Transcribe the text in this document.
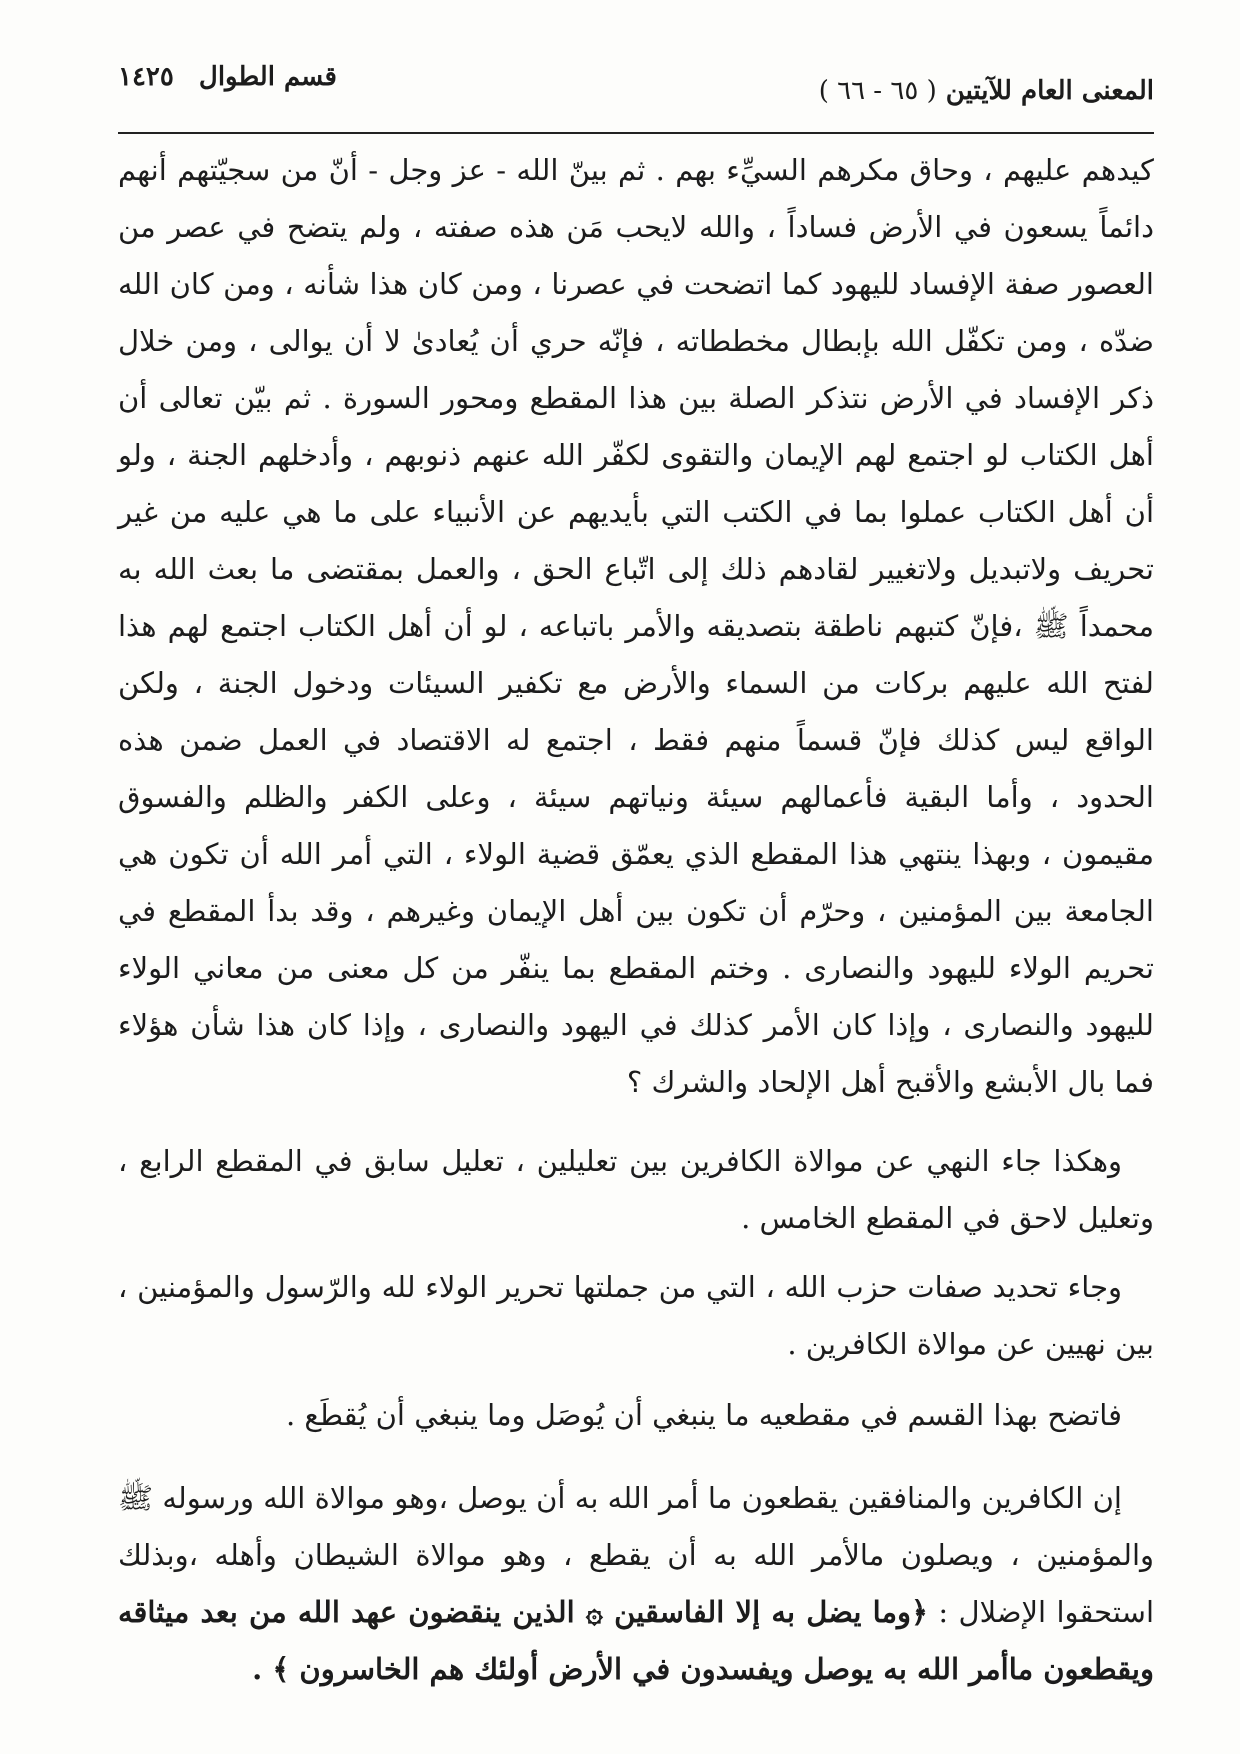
المعنى العام للآيتين ( ٦٥ - ٦٦ )
قسم الطوال ١٤٢٥

كيدهم عليهم ، وحاق مكرهم السيِّء بهم . ثم بينّ الله - عز وجل - أنّ من سجيّتهم أنهم دائماً يسعون في الأرض فساداً ، والله لايحب مَن هذه صفته ، ولم يتضح في عصر من العصور صفة الإفساد لليهود كما اتضحت في عصرنا ، ومن كان هذا شأنه ، ومن كان الله ضدّه ، ومن تكفّل الله بإبطال مخططاته ، فإنّه حري أن يُعادىٰ لا أن يوالى ، ومن خلال ذكر الإفساد في الأرض نتذكر الصلة بين هذا المقطع ومحور السورة . ثم بيّن تعالى أن أهل الكتاب لو اجتمع لهم الإيمان والتقوى لكفّر الله عنهم ذنوبهم ، وأدخلهم الجنة ، ولو أن أهل الكتاب عملوا بما في الكتب التي بأيديهم عن الأنبياء على ما هي عليه من غير تحريف ولاتبديل ولاتغيير لقادهم ذلك إلى اتّباع الحق ، والعمل بمقتضى ما بعث الله به محمداً ﷺ ،فإنّ كتبهم ناطقة بتصديقه والأمر باتباعه ، لو أن أهل الكتاب اجتمع لهم هذا لفتح الله عليهم بركات من السماء والأرض مع تكفير السيئات ودخول الجنة ، ولكن الواقع ليس كذلك فإنّ قسماً منهم فقط ، اجتمع له الاقتصاد في العمل ضمن هذه الحدود ، وأما البقية فأعمالهم سيئة ونياتهم سيئة ، وعلى الكفر والظلم والفسوق مقيمون ، وبهذا ينتهي هذا المقطع الذي يعمّق قضية الولاء ، التي أمر الله أن تكون هي الجامعة بين المؤمنين ، وحرّم أن تكون بين أهل الإيمان وغيرهم ، وقد بدأ المقطع في تحريم الولاء لليهود والنصارى . وختم المقطع بما ينفّر من كل معنى من معاني الولاء لليهود والنصارى ، وإذا كان الأمر كذلك في اليهود والنصارى ، وإذا كان هذا شأن هؤلاء فما بال الأبشع والأقبح أهل الإلحاد والشرك ؟

وهكذا جاء النهي عن موالاة الكافرين بين تعليلين ، تعليل سابق في المقطع الرابع ، وتعليل لاحق في المقطع الخامس .

وجاء تحديد صفات حزب الله ، التي من جملتها تحرير الولاء لله والرّسول والمؤمنين ، بين نهيين عن موالاة الكافرين .

فاتضح بهذا القسم في مقطعيه ما ينبغي أن يُوصَل وما ينبغي أن يُقطَع .

إن الكافرين والمنافقين يقطعون ما أمر الله به أن يوصل ،وهو موالاة الله ورسوله ﷺ والمؤمنين ، ويصلون مالأمر الله به أن يقطع ، وهو موالاة الشيطان وأهله ،وبذلك استحقوا الإضلال : ﴿وما يضل به إلا الفاسقين ۞ الذين ينقضون عهد الله من بعد ميثاقه ويقطعون ماأمر الله به يوصل ويفسدون في الأرض أولئك هم الخاسرون ﴾ .
